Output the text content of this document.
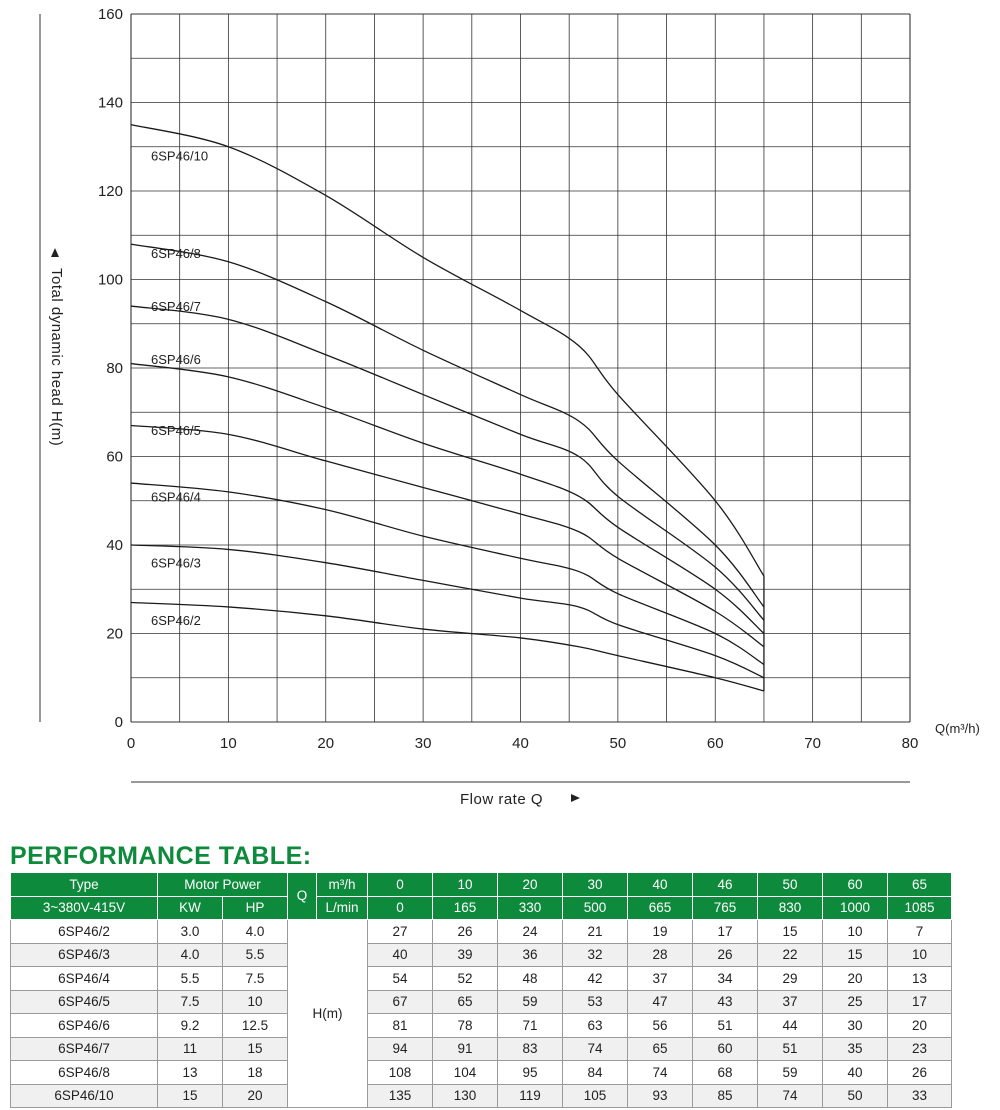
6SP46/2
6SP46/3
6SP46/4
6SP46/5
6SP46/6
6SP46/7
6SP46/8
6SP46/10
0	10	20	30	40	50	60	70	80
0
20
40
60
80
100
120
140
160
Q(m³/h)
Flow rate Q
Total dynamic head H(m)
PERFORMANCE TABLE:
Type	Motor Power		Q	m³/h	0	10	20	30	40	46	50	60	65
3~380V-415V	KW	HP		L/min	0	165	330	500	665	765	830	1000	1085
6SP46/2	3.0	4.0	H(m)		27	26	24	21	19	17	15	10	7
6SP46/3	4.0	5.5			40	39	36	32	28	26	22	15	10
6SP46/4	5.5	7.5			54	52	48	42	37	34	29	20	13
6SP46/5	7.5	10			67	65	59	53	47	43	37	25	17
6SP46/6	9.2	12.5			81	78	71	63	56	51	44	30	20
6SP46/7	11	15			94	91	83	74	65	60	51	35	23
6SP46/8	13	18			108	104	95	84	74	68	59	40	26
6SP46/10	15	20			135	130	119	105	93	85	74	50	33
